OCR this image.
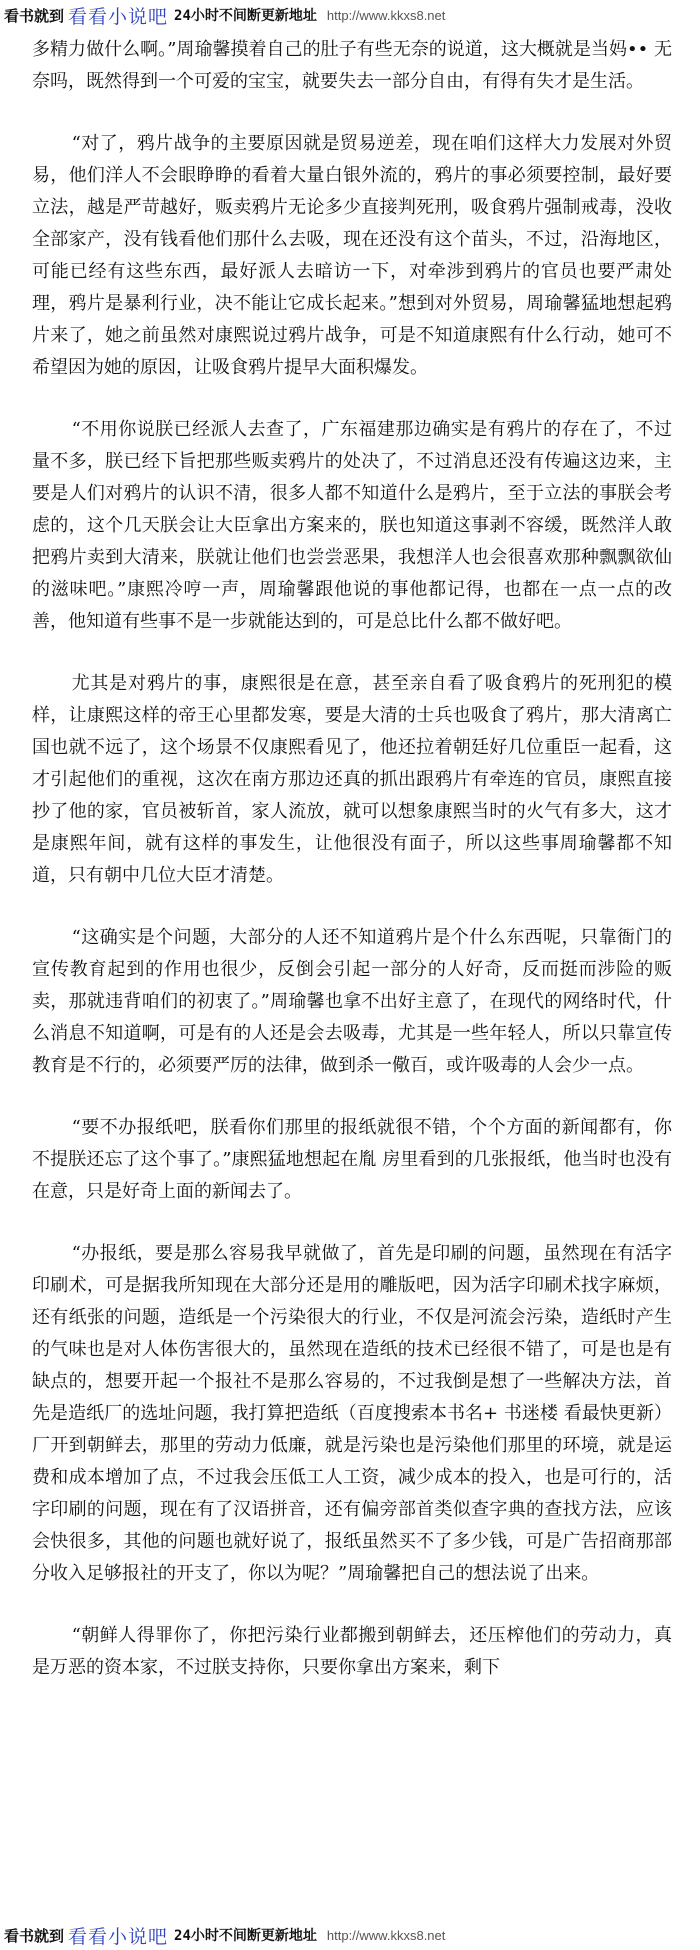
看书就到 看看小说吧 24小时不间断更新地址 http://www.kkxs8.net

多精力做什么啊。”周瑜馨摸着自己的肚子有些无奈的说道，这大概就是当妈•• 无奈吗，既然得到一个可爱的宝宝，就要失去一部分自由，有得有失才是生活。

“对了，鸦片战争的主要原因就是贸易逆差，现在咱们这样大力发展对外贸易，他们洋人不会眼睁睁的看着大量白银外流的，鸦片的事必须要控制，最好要立法，越是严苛越好，贩卖鸦片无论多少直接判死刑，吸食鸦片强制戒毒，没收全部家产，没有钱看他们那什么去吸，现在还没有这个苗头，不过，沿海地区，可能已经有这些东西，最好派人去暗访一下，对牵涉到鸦片的官员也要严肃处理，鸦片是暴利行业，决不能让它成长起来。”想到对外贸易，周瑜馨猛地想起鸦片来了，她之前虽然对康熙说过鸦片战争，可是不知道康熙有什么行动，她可不希望因为她的原因，让吸食鸦片提早大面积爆发。

“不用你说朕已经派人去查了，广东福建那边确实是有鸦片的存在了，不过量不多，朕已经下旨把那些贩卖鸦片的处决了，不过消息还没有传遍这边来，主要是人们对鸦片的认识不清，很多人都不知道什么是鸦片，至于立法的事朕会考虑的，这个几天朕会让大臣拿出方案来的，朕也知道这事剥不容缓，既然洋人敢把鸦片卖到大清来，朕就让他们也尝尝恶果，我想洋人也会很喜欢那种飘飘欲仙的滋味吧。”康熙冷哼一声，周瑜馨跟他说的事他都记得，也都在一点一点的改善，他知道有些事不是一步就能达到的，可是总比什么都不做好吧。

尤其是对鸦片的事，康熙很是在意，甚至亲自看了吸食鸦片的死刑犯的模样，让康熙这样的帝王心里都发寒，要是大清的士兵也吸食了鸦片，那大清离亡国也就不远了，这个场景不仅康熙看见了，他还拉着朝廷好几位重臣一起看，这才引起他们的重视，这次在南方那边还真的抓出跟鸦片有牵连的官员，康熙直接抄了他的家，官员被斩首，家人流放，就可以想象康熙当时的火气有多大，这才是康熙年间，就有这样的事发生，让他很没有面子，所以这些事周瑜馨都不知道，只有朝中几位大臣才清楚。

“这确实是个问题，大部分的人还不知道鸦片是个什么东西呢，只靠衙门的宣传教育起到的作用也很少，反倒会引起一部分的人好奇，反而挺而涉险的贩卖，那就违背咱们的初衷了。”周瑜馨也拿不出好主意了，在现代的网络时代，什么消息不知道啊，可是有的人还是会去吸毒，尤其是一些年轻人，所以只靠宣传教育是不行的，必须要严厉的法律，做到杀一儆百，或许吸毒的人会少一点。

“要不办报纸吧，朕看你们那里的报纸就很不错，个个方面的新闻都有，你不提朕还忘了这个事了。”康熙猛地想起在胤 房里看到的几张报纸，他当时也没有在意，只是好奇上面的新闻去了。

“办报纸，要是那么容易我早就做了，首先是印刷的问题，虽然现在有活字印刷术，可是据我所知现在大部分还是用的雕版吧，因为活字印刷术找字麻烦，还有纸张的问题，造纸是一个污染很大的行业，不仅是河流会污染，造纸时产生的气味也是对人体伤害很大的，虽然现在造纸的技术已经很不错了，可是也是有缺点的，想要开起一个报社不是那么容易的，不过我倒是想了一些解决方法，首先是造纸厂的选址问题，我打算把造纸（百度搜索本书名+ 书迷楼 看最快更新）厂开到朝鲜去，那里的劳动力低廉，就是污染也是污染他们那里的环境，就是运费和成本增加了点，不过我会压低工人工资，减少成本的投入，也是可行的，活字印刷的问题，现在有了汉语拼音，还有偏旁部首类似查字典的查找方法，应该会快很多，其他的问题也就好说了，报纸虽然买不了多少钱，可是广告招商那部分收入足够报社的开支了，你以为呢？”周瑜馨把自己的想法说了出来。

“朝鲜人得罪你了，你把污染行业都搬到朝鲜去，还压榨他们的劳动力，真是万恶的资本家，不过朕支持你，只要你拿出方案来，剩下

看书就到 看看小说吧 24小时不间断更新地址 http://www.kkxs8.net
